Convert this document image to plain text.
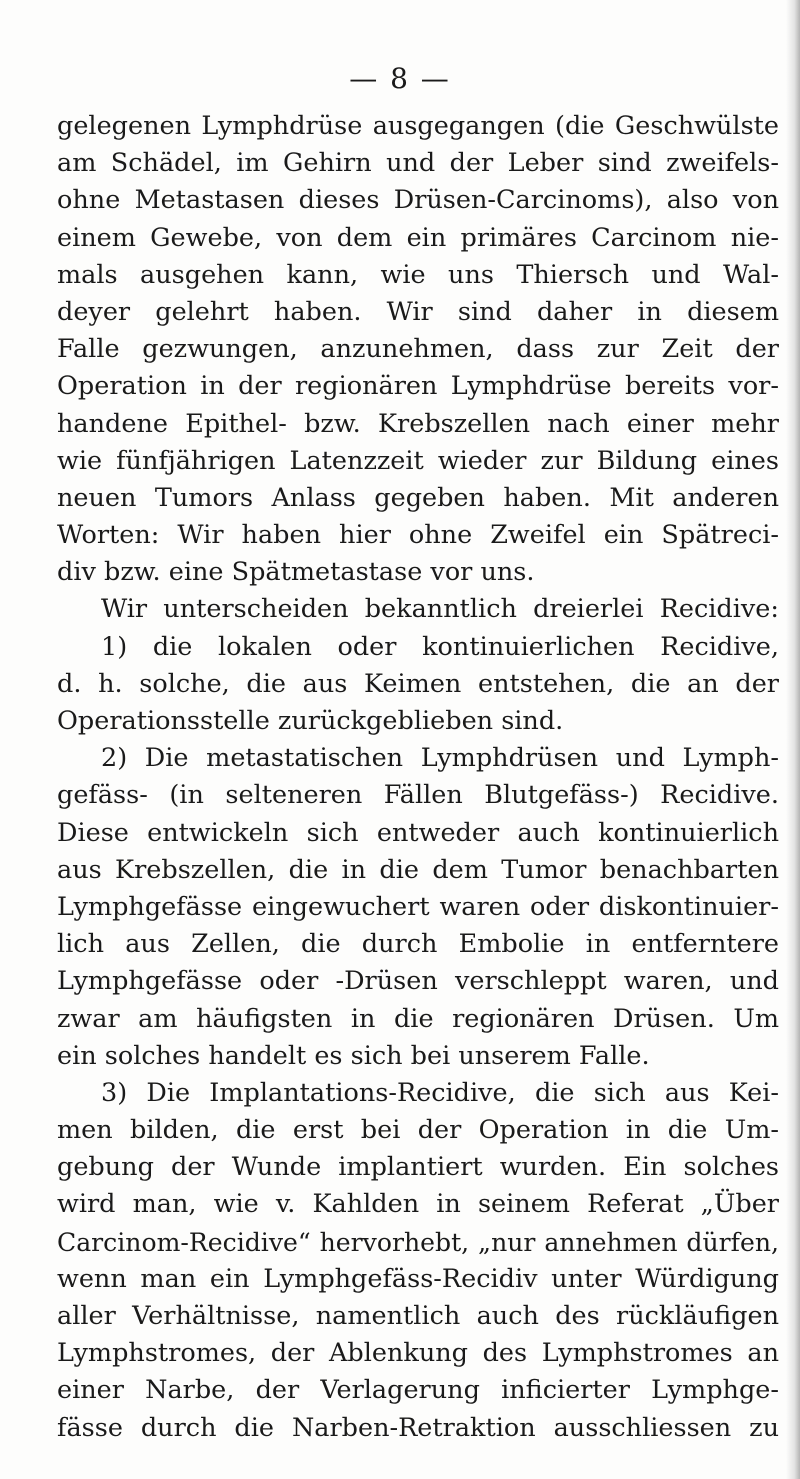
— 8 —
gelegenen Lymphdrüse ausgegangen (die Geschwülste
am Schädel, im Gehirn und der Leber sind zweifels-
ohne Metastasen dieses Drüsen-Carcinoms), also von
einem Gewebe, von dem ein primäres Carcinom nie-
mals ausgehen kann, wie uns Thiersch und Wal-
deyer gelehrt haben. Wir sind daher in diesem
Falle gezwungen, anzunehmen, dass zur Zeit der
Operation in der regionären Lymphdrüse bereits vor-
handene Epithel- bzw. Krebszellen nach einer mehr
wie fünfjährigen Latenzzeit wieder zur Bildung eines
neuen Tumors Anlass gegeben haben. Mit anderen
Worten: Wir haben hier ohne Zweifel ein Spätreci-
div bzw. eine Spätmetastase vor uns.
Wir unterscheiden bekanntlich dreierlei Recidive:
1) die lokalen oder kontinuierlichen Recidive,
d. h. solche, die aus Keimen entstehen, die an der
Operationsstelle zurückgeblieben sind.
2) Die metastatischen Lymphdrüsen und Lymph-
gefäss- (in selteneren Fällen Blutgefäss-) Recidive.
Diese entwickeln sich entweder auch kontinuierlich
aus Krebszellen, die in die dem Tumor benachbarten
Lymphgefässe eingewuchert waren oder diskontinuier-
lich aus Zellen, die durch Embolie in entferntere
Lymphgefässe oder -Drüsen verschleppt waren, und
zwar am häufigsten in die regionären Drüsen. Um
ein solches handelt es sich bei unserem Falle.
3) Die Implantations-Recidive, die sich aus Kei-
men bilden, die erst bei der Operation in die Um-
gebung der Wunde implantiert wurden. Ein solches
wird man, wie v. Kahlden in seinem Referat „Über
Carcinom-Recidive“ hervorhebt, „nur annehmen dürfen,
wenn man ein Lymphgefäss-Recidiv unter Würdigung
aller Verhältnisse, namentlich auch des rückläufigen
Lymphstromes, der Ablenkung des Lymphstromes an
einer Narbe, der Verlagerung inficierter Lymphge-
fässe durch die Narben-Retraktion ausschliessen zu
